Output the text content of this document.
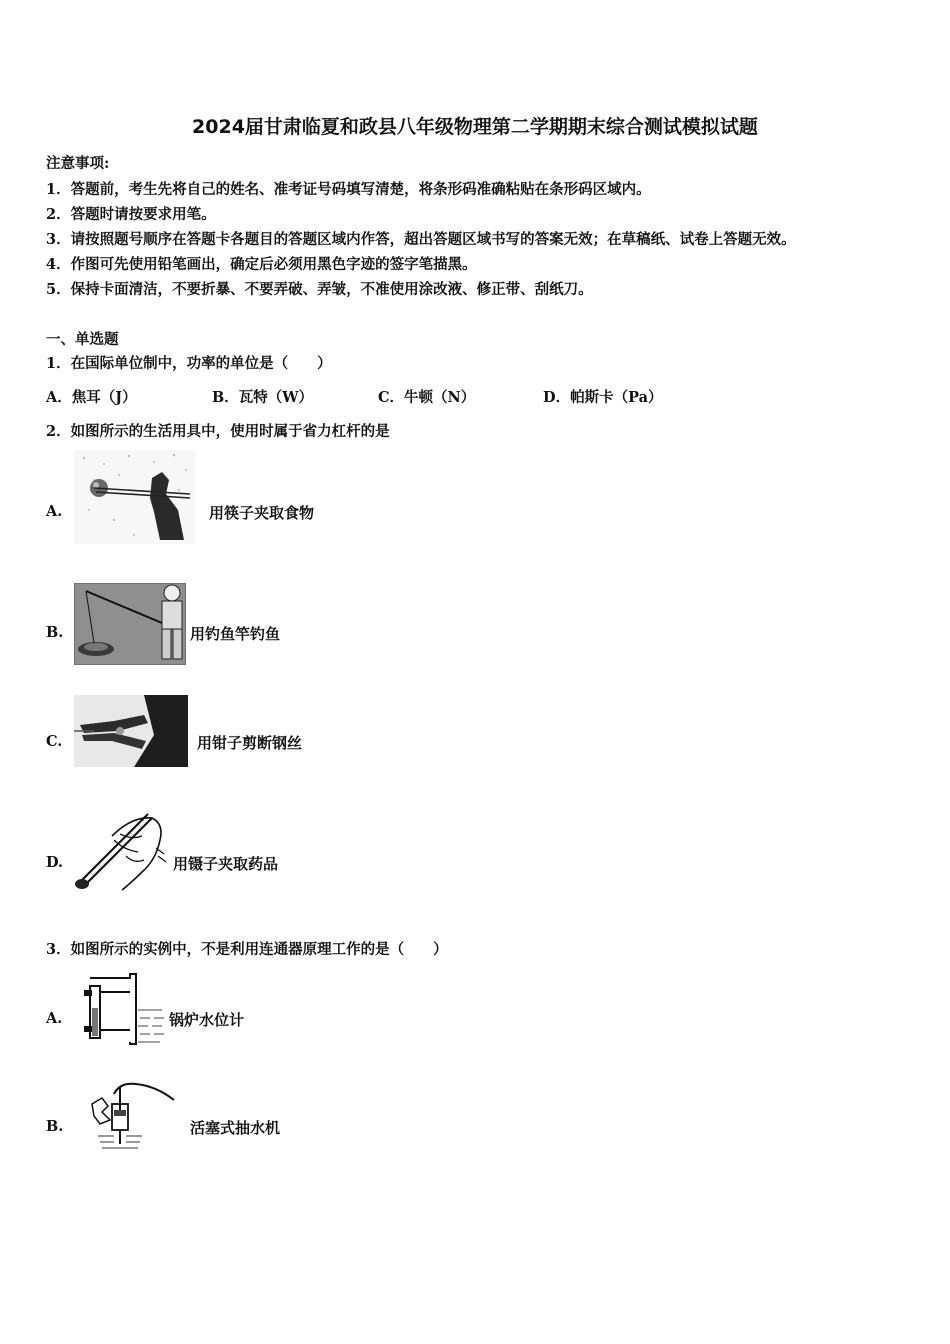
2024届甘肃临夏和政县八年级物理第二学期期末综合测试模拟试题
注意事项:
1．答题前，考生先将自己的姓名、准考证号码填写清楚，将条形码准确粘贴在条形码区域内。
2．答题时请按要求用笔。
3．请按照题号顺序在答题卡各题目的答题区域内作答，超出答题区域书写的答案无效；在草稿纸、试卷上答题无效。
4．作图可先使用铅笔画出，确定后必须用黑色字迹的签字笔描黑。
5．保持卡面清洁，不要折暴、不要弄破、弄皱，不准使用涂改液、修正带、刮纸刀。
一、单选题
1．在国际单位制中，功率的单位是（　　）
A．焦耳（J）	B．瓦特（W）	C．牛顿（N）	D．帕斯卡（Pa）
2．如图所示的生活用具中，使用时属于省力杠杆的是
A.	用筷子夹取食物
B.	用钓鱼竿钓鱼
C.	用钳子剪断钢丝
D.	用镊子夹取药品
3．如图所示的实例中，不是利用连通器原理工作的是（　　）
A.	锅炉水位计
B.	活塞式抽水机
